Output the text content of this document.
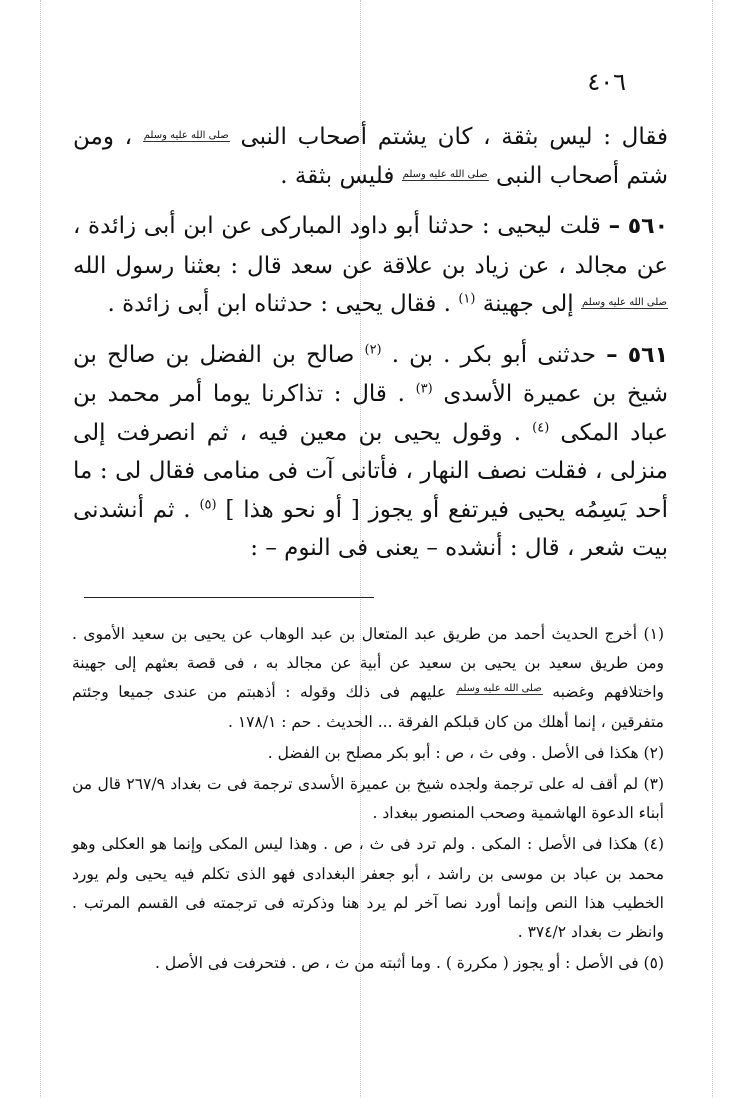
٤٠٦

فقال : ليس بثقة ، كان يشتم أصحاب النبى صلى الله عليه وسلم ، ومن شتم أصحاب النبى صلى الله عليه وسلم فليس بثقة .

٥٦٠ – قلت ليحيى : حدثنا أبو داود المباركى عن ابن أبى زائدة ، عن مجالد ، عن زياد بن علاقة عن سعد قال : بعثنا رسول الله صلى الله عليه وسلم إلى جهينة $^{(١)}$ . فقال يحيى : حدثناه ابن أبى زائدة .

٥٦١ – حدثنى أبو بكر . بن . $^{(٢)}$ صالح بن الفضل بن صالح بن شيخ بن عميرة الأسدى $^{(٣)}$ . قال : تذاكرنا يوما أمر محمد بن عباد المكى $^{(٤)}$ . وقول يحيى بن معين فيه ، ثم انصرفت إلى منزلى ، فقلت نصف النهار ، فأتانى آت فى منامى فقال لى : ما أحد يَسِمُه يحيى فيرتفع أو يجوز [ أو نحو هذا ] $^{(٥)}$ . ثم أنشدنى بيت شعر ، قال : أنشده – يعنى فى النوم – :

(١) أخرج الحديث أحمد من طريق عبد المتعال بن عبد الوهاب عن يحيى بن سعيد الأموى . ومن طريق سعيد بن يحيى بن سعيد عن أبية عن مجالد به ، فى قصة بعثهم إلى جهينة واختلافهم وغضبه صلى الله عليه وسلم عليهم فى ذلك وقوله : أذهبتم من عندى جميعا وجئتم متفرقين ، إنما أهلك من كان قبلكم الفرقة ... الحديث . حم : ١٧٨/١ .

(٢) هكذا فى الأصل . وفى ث ، ص : أبو بكر مصلح بن الفضل .

(٣) لم أقف له على ترجمة ولجده شيخ بن عميرة الأسدى ترجمة فى ت بغداد ٢٦٧/٩ قال من أبناء الدعوة الهاشمية وصحب المنصور ببغداد .

(٤) هكذا فى الأصل : المكى . ولم ترد فى ث ، ص . وهذا ليس المكى وإنما هو العكلى وهو محمد بن عباد بن موسى بن راشد ، أبو جعفر البغدادى فهو الذى تكلم فيه يحيى ولم يورد الخطيب هذا النص وإنما أورد نصا آخر لم يرد هنا وذكرته فى ترجمته فى القسم المرتب . وانظر ت بغداد ٣٧٤/٢ .

(٥) فى الأصل : أو يجوز ( مكررة ) . وما أثبته من ث ، ص . فتحرفت فى الأصل .
